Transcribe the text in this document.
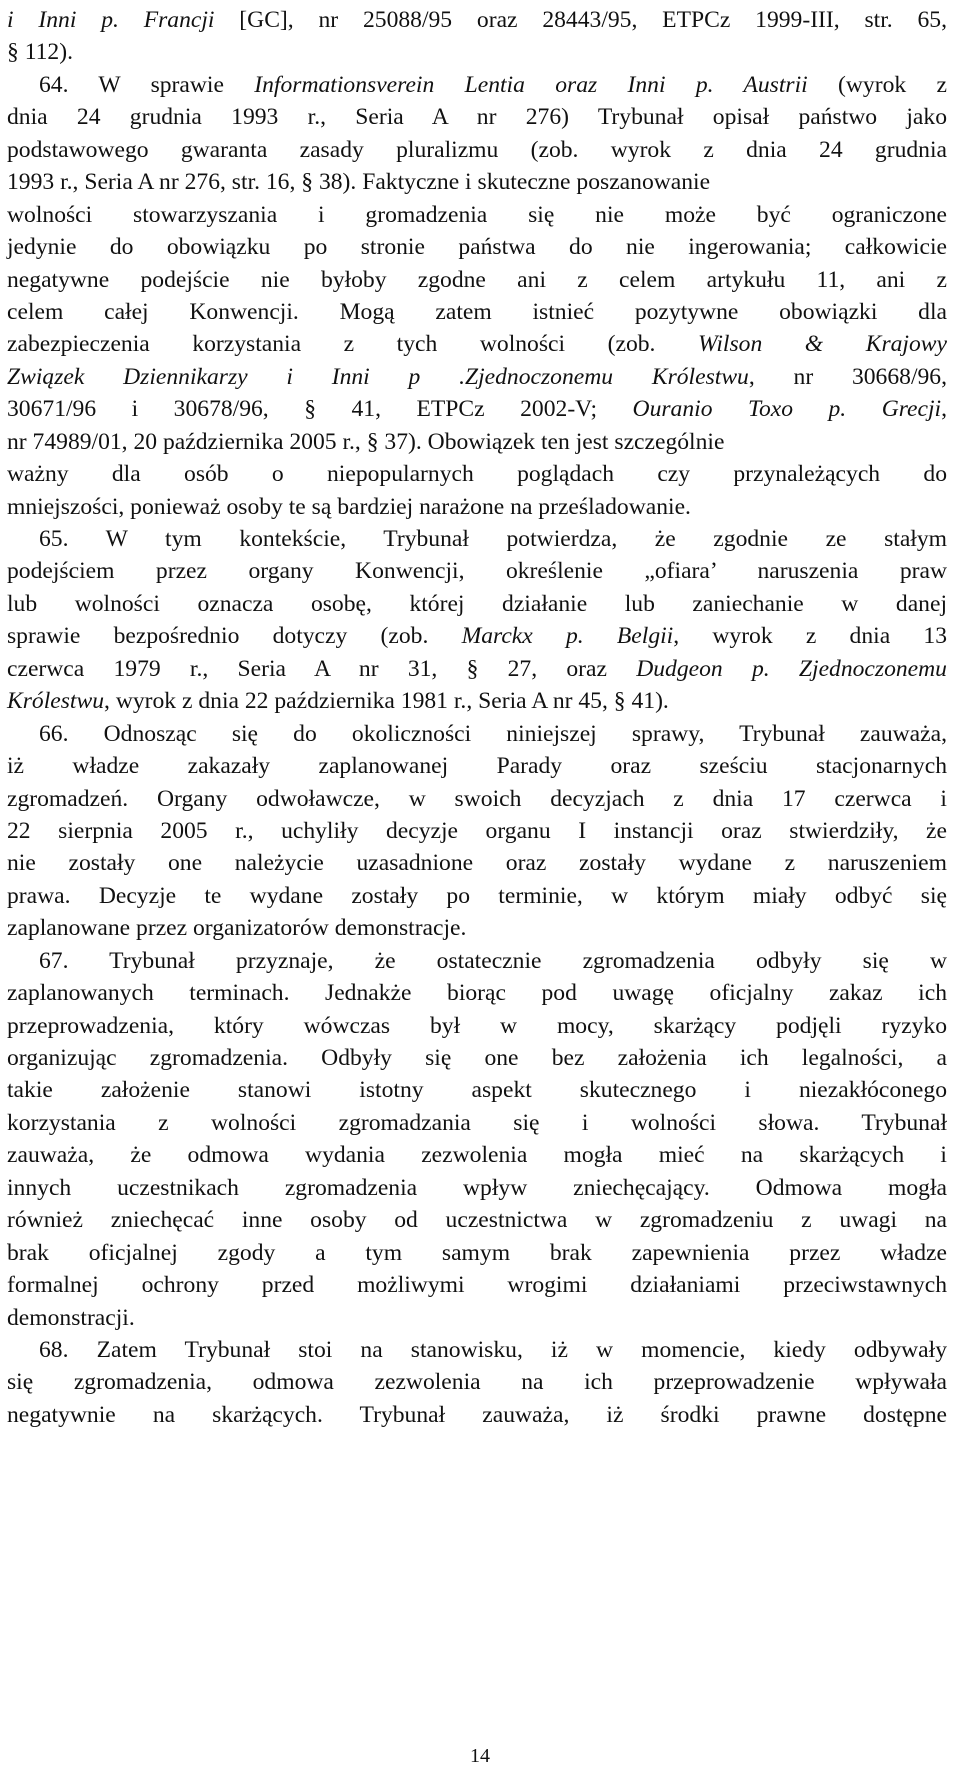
i Inni p. Francji [GC], nr 25088/95 oraz 28443/95, ETPCz 1999-III, str. 65,
§ 112).
64. W sprawie Informationsverein Lentia oraz Inni p. Austrii (wyrok z
dnia 24 grudnia 1993 r., Seria A nr 276) Trybunał opisał państwo jako
podstawowego gwaranta zasady pluralizmu (zob. wyrok z dnia 24 grudnia
1993 r., Seria A nr 276, str. 16, § 38). Faktyczne i skuteczne poszanowanie
wolności stowarzyszania i gromadzenia się nie może być ograniczone
jedynie do obowiązku po stronie państwa do nie ingerowania; całkowicie
negatywne podejście nie byłoby zgodne ani z celem artykułu 11, ani z
celem całej Konwencji. Mogą zatem istnieć pozytywne obowiązki dla
zabezpieczenia korzystania z tych wolności (zob. Wilson & Krajowy
Związek Dziennikarzy i Inni p .Zjednoczonemu Królestwu, nr 30668/96,
30671/96 i 30678/96, § 41, ETPCz 2002-V; Ouranio Toxo p. Grecji,
nr 74989/01, 20 października 2005 r., § 37). Obowiązek ten jest szczególnie
ważny dla osób o niepopularnych poglądach czy przynależących do
mniejszości, ponieważ osoby te są bardziej narażone na prześladowanie.
65. W tym kontekście, Trybunał potwierdza, że zgodnie ze stałym
podejściem przez organy Konwencji, określenie „ofiara’ naruszenia praw
lub wolności oznacza osobę, której działanie lub zaniechanie w danej
sprawie bezpośrednio dotyczy (zob. Marckx p. Belgii, wyrok z dnia 13
czerwca 1979 r., Seria A nr 31, § 27, oraz Dudgeon p. Zjednoczonemu
Królestwu, wyrok z dnia 22 października 1981 r., Seria A nr 45, § 41).
66. Odnosząc się do okoliczności niniejszej sprawy, Trybunał zauważa,
iż władze zakazały zaplanowanej Parady oraz sześciu stacjonarnych
zgromadzeń. Organy odwoławcze, w swoich decyzjach z dnia 17 czerwca i
22 sierpnia 2005 r., uchyliły decyzje organu I instancji oraz stwierdziły, że
nie zostały one należycie uzasadnione oraz zostały wydane z naruszeniem
prawa. Decyzje te wydane zostały po terminie, w którym miały odbyć się
zaplanowane przez organizatorów demonstracje.
67. Trybunał przyznaje, że ostatecznie zgromadzenia odbyły się w
zaplanowanych terminach. Jednakże biorąc pod uwagę oficjalny zakaz ich
przeprowadzenia, który wówczas był w mocy, skarżący podjęli ryzyko
organizując zgromadzenia. Odbyły się one bez założenia ich legalności, a
takie założenie stanowi istotny aspekt skutecznego i niezakłóconego
korzystania z wolności zgromadzania się i wolności słowa. Trybunał
zauważa, że odmowa wydania zezwolenia mogła mieć na skarżących i
innych uczestnikach zgromadzenia wpływ zniechęcający. Odmowa mogła
również zniechęcać inne osoby od uczestnictwa w zgromadzeniu z uwagi na
brak oficjalnej zgody a tym samym brak zapewnienia przez władze
formalnej ochrony przed możliwymi wrogimi działaniami przeciwstawnych
demonstracji.
68. Zatem Trybunał stoi na stanowisku, iż w momencie, kiedy odbywały
się zgromadzenia, odmowa zezwolenia na ich przeprowadzenie wpływała
negatywnie na skarżących. Trybunał zauważa, iż środki prawne dostępne
14
